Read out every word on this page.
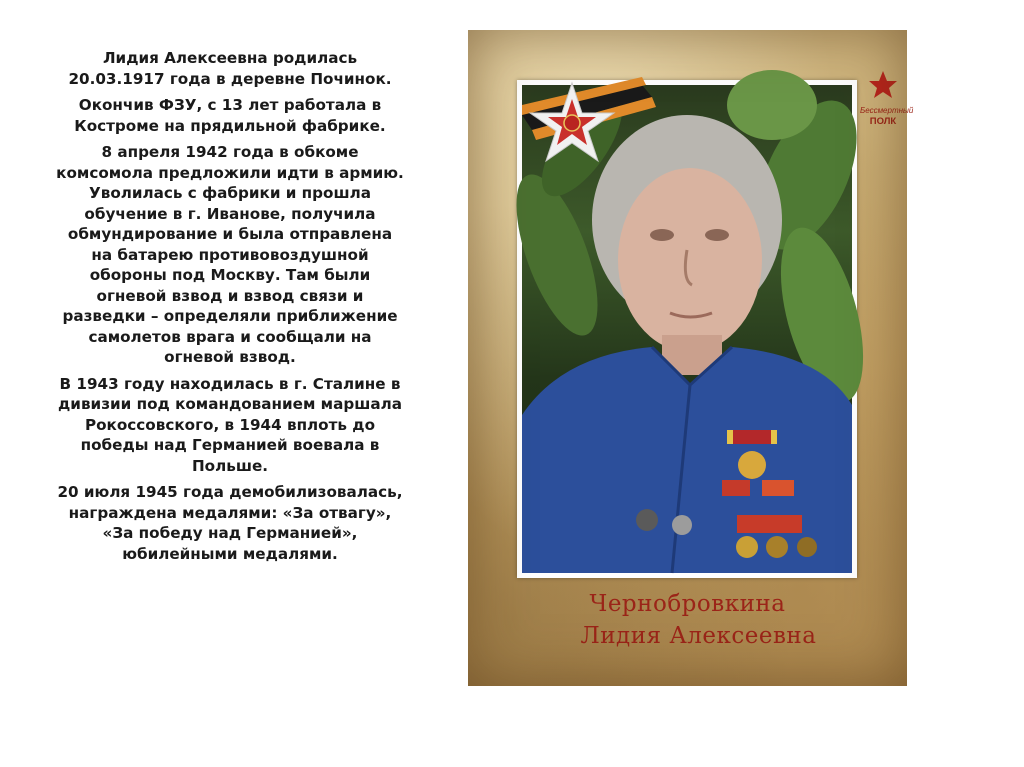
Лидия Алексеевна родилась 20.03.1917 года в деревне Починок.

Окончив ФЗУ, с 13 лет работала в Костроме на прядильной фабрике.

8 апреля 1942 года в обкоме комсомола предложили идти в армию. Уволилась с фабрики и прошла обучение в г. Иванове, получила обмундирование и была отправлена на батарею противовоздушной обороны под Москву. Там были огневой взвод и взвод связи и разведки – определяли приближение самолетов врага и сообщали на огневой взвод.

В 1943 году находилась в г. Сталине в дивизии под командованием маршала Рокоссовского, в 1944 вплоть до победы над Германией воевала в Польше.

20 июля 1945 года демобилизовалась, награждена медалями: «За отвагу», «За победу над Германией», юбилейными медалями.

Бессмертный
ПОЛК
Чернобровкина
Лидия Алексеевна
